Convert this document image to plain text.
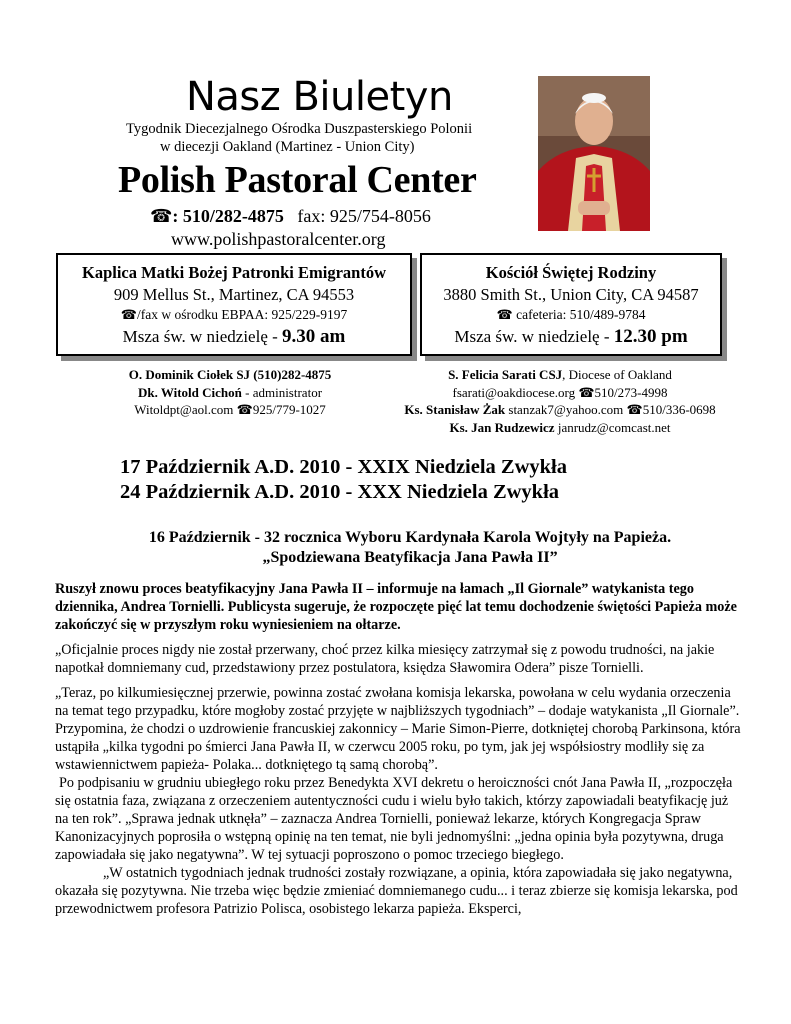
Nasz Biuletyn
Tygodnik Diecezjalnego Ośrodka Duszpasterskiego Polonii
w diecezji Oakland (Martinez - Union City)
Polish Pastoral Center
☎: 510/282-4875 fax: 925/754-8056
www.polishpastoralcenter.org
Kaplica Matki Bożej Patronki Emigrantów
909 Mellus St., Martinez, CA 94553
☎/fax w ośrodku EBPAA: 925/229-9197
Msza św. w niedzielę - 9.30 am
Kościół Świętej Rodziny
3880 Smith St., Union City, CA 94587
☎ cafeteria: 510/489-9784
Msza św. w niedzielę - 12.30 pm
O. Dominik Ciołek SJ (510)282-4875
Dk. Witold Cichoń - administrator
Witoldpt@aol.com ☎925/779-1027
S. Felicia Sarati CSJ, Diocese of Oakland
fsarati@oakdiocese.org ☎510/273-4998
Ks. Stanisław Żak stanzak7@yahoo.com ☎510/336-0698
Ks. Jan Rudzewicz janrudz@comcast.net
17 Październik A.D. 2010 - XXIX Niedziela Zwykła
24 Październik A.D. 2010 - XXX Niedziela Zwykła
16 Październik - 32 rocznica Wyboru Kardynała Karola Wojtyły na Papieża.
„Spodziewana Beatyfikacja Jana Pawła II”

Ruszył znowu proces beatyfikacyjny Jana Pawła II – informuje na łamach „Il Giornale” watykanista tego dziennika, Andrea Tornielli. Publicysta sugeruje, że rozpoczęte pięć lat temu dochodzenie świętości Papieża może zakończyć się w przyszłym roku wyniesieniem na ołtarze.

„Oficjalnie proces nigdy nie został przerwany, choć przez kilka miesięcy zatrzymał się z powodu trudności, na jakie napotkał domniemany cud, przedstawiony przez postulatora, księdza Sławomira Odera” pisze Tornielli.

„Teraz, po kilkumiesięcznej przerwie, powinna zostać zwołana komisja lekarska, powołana w celu wydania orzeczenia na temat tego przypadku, które mogłoby zostać przyjęte w najbliższych tygodniach” – dodaje watykanista „Il Giornale”. Przypomina, że chodzi o uzdrowienie francuskiej zakonnicy – Marie Simon-Pierre, dotkniętej chorobą Parkinsona, która ustąpiła „kilka tygodni po śmierci Jana Pawła II, w czerwcu 2005 roku, po tym, jak jej współsiostry modliły się za wstawiennictwem papieża- Polaka... dotkniętego tą samą chorobą”.

Po podpisaniu w grudniu ubiegłego roku przez Benedykta XVI dekretu o heroiczności cnót Jana Pawła II, „rozpoczęła się ostatnia faza, związana z orzeczeniem autentyczności cudu i wielu było takich, którzy zapowiadali beatyfikację już na ten rok”. „Sprawa jednak utknęła” – zaznacza Andrea Tornielli, ponieważ lekarze, których Kongregacja Spraw Kanonizacyjnych poprosiła o wstępną opinię na ten temat, nie byli jednomyślni: „jedna opinia była pozytywna, druga zapowiadała się jako negatywna”. W tej sytuacji poproszono o pomoc trzeciego biegłego.

„W ostatnich tygodniach jednak trudności zostały rozwiązane, a opinia, która zapowiadała się jako negatywna, okazała się pozytywna. Nie trzeba więc będzie zmieniać domniemanego cudu... i teraz zbierze się komisja lekarska, pod przewodnictwem profesora Patrizio Polisca, osobistego lekarza papieża. Eksperci,
